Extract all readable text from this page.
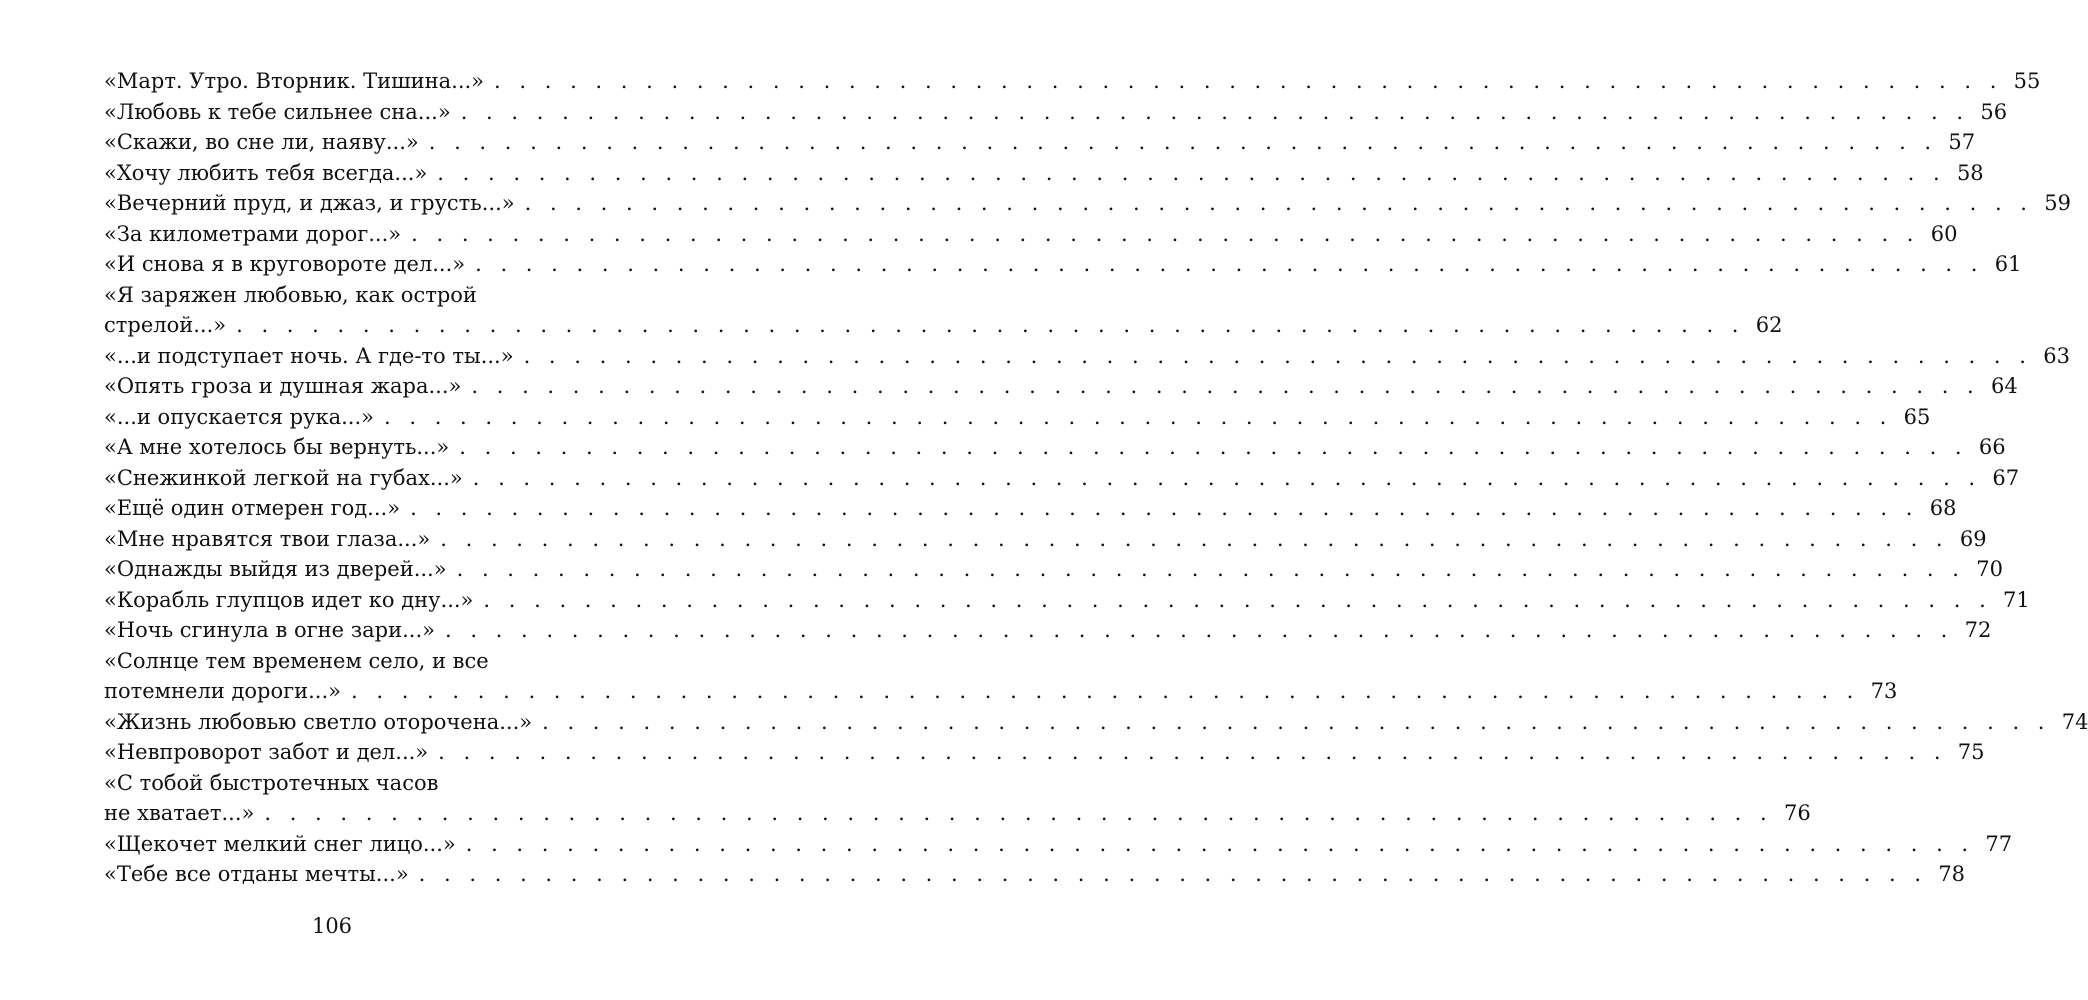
«Март. Утро. Вторник. Тишина...» . . . . . . . . . . . . . . . . . . . . . . . . . . . . . . . . . . . . . . . . . . . . . . . . . . . . . . . . . . . . 55
«Любовь к тебе сильнее сна...» . . . . . . . . . . . . . . . . . . . . . . . . . . . . . . . . . . . . . . . . . . . . . . . . . . . . . . . . . . . . 56
«Скажи, во сне ли, наяву...» . . . . . . . . . . . . . . . . . . . . . . . . . . . . . . . . . . . . . . . . . . . . . . . . . . . . . . . . . . . . 57
«Хочу любить тебя всегда...» . . . . . . . . . . . . . . . . . . . . . . . . . . . . . . . . . . . . . . . . . . . . . . . . . . . . . . . . . . . . 58
«Вечерний пруд, и джаз, и грусть...» . . . . . . . . . . . . . . . . . . . . . . . . . . . . . . . . . . . . . . . . . . . . . . . . . . . . . . . . . . . . 59
«За километрами дорог...» . . . . . . . . . . . . . . . . . . . . . . . . . . . . . . . . . . . . . . . . . . . . . . . . . . . . . . . . . . . . 60
«И снова я в круговороте дел...» . . . . . . . . . . . . . . . . . . . . . . . . . . . . . . . . . . . . . . . . . . . . . . . . . . . . . . . . . . . . 61
«Я заряжен любовью, как острой
стрелой...» . . . . . . . . . . . . . . . . . . . . . . . . . . . . . . . . . . . . . . . . . . . . . . . . . . . . . . . . . . . . 62
«...и подступает ночь. А где-то ты...» . . . . . . . . . . . . . . . . . . . . . . . . . . . . . . . . . . . . . . . . . . . . . . . . . . . . . . . . . . . . 63
«Опять гроза и душная жара...» . . . . . . . . . . . . . . . . . . . . . . . . . . . . . . . . . . . . . . . . . . . . . . . . . . . . . . . . . . . . 64
«...и опускается рука...» . . . . . . . . . . . . . . . . . . . . . . . . . . . . . . . . . . . . . . . . . . . . . . . . . . . . . . . . . . . . 65
«А мне хотелось бы вернуть...» . . . . . . . . . . . . . . . . . . . . . . . . . . . . . . . . . . . . . . . . . . . . . . . . . . . . . . . . . . . . 66
«Снежинкой легкой на губах...» . . . . . . . . . . . . . . . . . . . . . . . . . . . . . . . . . . . . . . . . . . . . . . . . . . . . . . . . . . . . 67
«Ещё один отмерен год...» . . . . . . . . . . . . . . . . . . . . . . . . . . . . . . . . . . . . . . . . . . . . . . . . . . . . . . . . . . . . 68
«Мне нравятся твои глаза...» . . . . . . . . . . . . . . . . . . . . . . . . . . . . . . . . . . . . . . . . . . . . . . . . . . . . . . . . . . . . 69
«Однажды выйдя из дверей...» . . . . . . . . . . . . . . . . . . . . . . . . . . . . . . . . . . . . . . . . . . . . . . . . . . . . . . . . . . . . 70
«Корабль глупцов идет ко дну...» . . . . . . . . . . . . . . . . . . . . . . . . . . . . . . . . . . . . . . . . . . . . . . . . . . . . . . . . . . . . 71
«Ночь сгинула в огне зари...» . . . . . . . . . . . . . . . . . . . . . . . . . . . . . . . . . . . . . . . . . . . . . . . . . . . . . . . . . . . . 72
«Солнце тем временем село, и все
потемнели дороги...» . . . . . . . . . . . . . . . . . . . . . . . . . . . . . . . . . . . . . . . . . . . . . . . . . . . . . . . . . . . . 73
«Жизнь любовью светло оторочена...» . . . . . . . . . . . . . . . . . . . . . . . . . . . . . . . . . . . . . . . . . . . . . . . . . . . . . . . . . . . . 74
«Невпроворот забот и дел...» . . . . . . . . . . . . . . . . . . . . . . . . . . . . . . . . . . . . . . . . . . . . . . . . . . . . . . . . . . . . 75
«С тобой быстротечных часов
не хватает...» . . . . . . . . . . . . . . . . . . . . . . . . . . . . . . . . . . . . . . . . . . . . . . . . . . . . . . . . . . . . 76
«Щекочет мелкий снег лицо...» . . . . . . . . . . . . . . . . . . . . . . . . . . . . . . . . . . . . . . . . . . . . . . . . . . . . . . . . . . . . 77
«Тебе все отданы мечты...» . . . . . . . . . . . . . . . . . . . . . . . . . . . . . . . . . . . . . . . . . . . . . . . . . . . . . . . . . . . . 78
106
